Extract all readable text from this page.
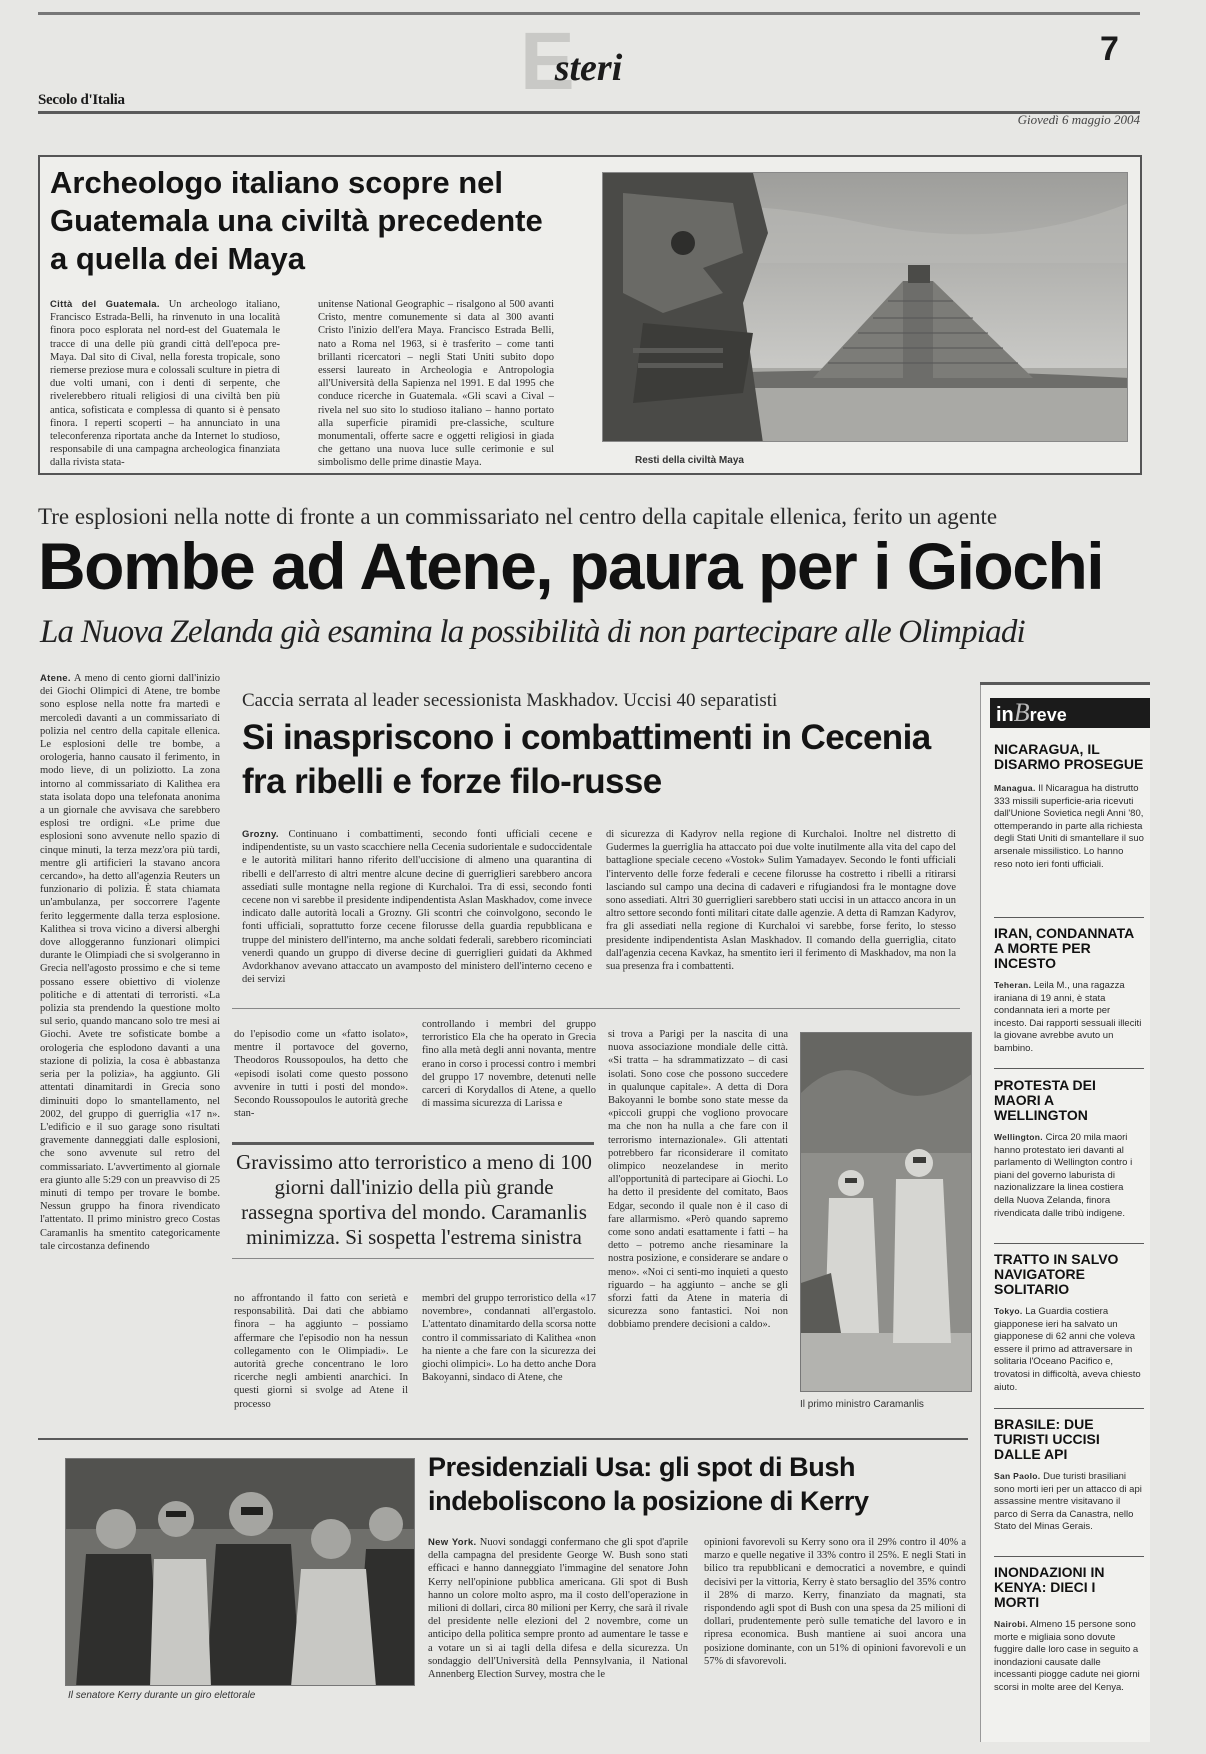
Secolo d'Italia	Esteri	7
Giovedì 6 maggio 2004
Archeologo italiano scopre nel Guatemala una civiltà precedente a quella dei Maya
Città del Guatemala. Un archeologo italiano, Francisco Estrada-Belli, ha rinvenuto in una località finora poco esplorata nel nord-est del Guatemala le tracce di una delle più grandi città dell'epoca pre-Maya. Dal sito di Cival, nella foresta tropicale, sono riemerse preziose mura e colossali sculture in pietra di due volti umani, con i denti di serpente, che rivelerebbero rituali religiosi di una civiltà ben più antica, sofisticata e complessa di quanto si è pensato finora. I reperti scoperti – ha annunciato in una teleconferenza riportata anche da Internet lo studioso, responsabile di una campagna archeologica finanziata dalla rivista stata-
unitense National Geographic – risalgono al 500 avanti Cristo, mentre comunemente si data al 300 avanti Cristo l'inizio dell'era Maya. Francisco Estrada Belli, nato a Roma nel 1963, si è trasferito – come tanti brillanti ricercatori – negli Stati Uniti subito dopo essersi laureato in Archeologia e Antropologia all'Università della Sapienza nel 1991. E dal 1995 che conduce ricerche in Guatemala. «Gli scavi a Cival – rivela nel suo sito lo studioso italiano – hanno portato alla superficie piramidi pre-classiche, sculture monumentali, offerte sacre e oggetti religiosi in giada che gettano una nuova luce sulle cerimonie e sul simbolismo delle prime dinastie Maya.	Resti della civiltà Maya
Tre esplosioni nella notte di fronte a un commissariato nel centro della capitale ellenica, ferito un agente
Bombe ad Atene, paura per i Giochi
La Nuova Zelanda già esamina la possibilità di non partecipare alle Olimpiadi
Atene. A meno di cento giorni dall'inizio dei Giochi Olimpici di Atene, tre bombe sono esplose nella notte fra martedì e mercoledì davanti a un commissariato di polizia nel centro della capitale ellenica. Le esplosioni delle tre bombe, a orologeria, hanno causato il ferimento, in modo lieve, di un poliziotto. La zona intorno al commissariato di Kalithea era stata isolata dopo una telefonata anonima a un giornale che avvisava che sarebbero esplosi tre ordigni. «Le prime due esplosioni sono avvenute nello spazio di cinque minuti, la terza mezz'ora più tardi, mentre gli artificieri la stavano ancora cercando», ha detto all'agenzia Reuters un funzionario di polizia. È stata chiamata un'ambulanza, per soccorrere l'agente ferito leggermente dalla terza esplosione. Kalithea si trova vicino a diversi alberghi dove alloggeranno funzionari olimpici durante le Olimpiadi che si svolgeranno in Grecia nell'agosto prossimo e che si teme possano essere obiettivo di violenze politiche e di attentati di terroristi. «La polizia sta prendendo la questione molto sul serio, quando mancano solo tre mesi ai Giochi. Avete tre sofisticate bombe a orologeria che esplodono davanti a una stazione di polizia, la cosa è abbastanza seria per la polizia», ha aggiunto. Gli attentati dinamitardi in Grecia sono diminuiti dopo lo smantellamento, nel 2002, del gruppo di guerriglia «17 n». L'edificio e il suo garage sono risultati gravemente danneggiati dalle esplosioni, che sono avvenute sul retro del commissariato. L'avvertimento al giornale era giunto alle 5:29 con un preavviso di 25 minuti di tempo per trovare le bombe. Nessun gruppo ha finora rivendicato l'attentato. Il primo ministro greco Costas Caramanlis ha smentito categoricamente tale circostanza definendo
Caccia serrata al leader secessionista Maskhadov. Uccisi 40 separatisti
Si inaspriscono i combattimenti in Cecenia fra ribelli e forze filo-russe
Grozny. Continuano i combattimenti, secondo fonti ufficiali cecene e indipendentiste, su un vasto scacchiere nella Cecenia sudorientale e sudoccidentale e le autorità militari hanno riferito dell'uccisione di almeno una quarantina di ribelli e dell'arresto di altri mentre alcune decine di guerriglieri sarebbero ancora assediati sulle montagne nella regione di Kurchaloi. Tra di essi, secondo fonti cecene non vi sarebbe il presidente indipendentista Aslan Maskhadov, come invece indicato dalle autorità locali a Grozny. Gli scontri che coinvolgono, secondo le fonti ufficiali, soprattutto forze cecene filorusse della guardia repubblicana e truppe del ministero dell'interno, ma anche soldati federali, sarebbero ricominciati venerdì quando un gruppo di diverse decine di guerriglieri guidati da Akhmed Avdorkhanov avevano attaccato un avamposto del ministero dell'interno ceceno e dei servizi
di sicurezza di Kadyrov nella regione di Kurchaloi. Inoltre nel distretto di Gudermes la guerriglia ha attaccato poi due volte inutilmente alla vita del capo del battaglione speciale ceceno «Vostok» Sulim Yamadayev. Secondo le fonti ufficiali l'intervento delle forze federali e cecene filorusse ha costretto i ribelli a ritirarsi lasciando sul campo una decina di cadaveri e rifugiandosi fra le montagne dove sono assediati. Altri 30 guerriglieri sarebbero stati uccisi in un attacco ancora in un altro settore secondo fonti militari citate dalle agenzie. A detta di Ramzan Kadyrov, fra gli assediati nella regione di Kurchaloi vi sarebbe, forse ferito, lo stesso presidente indipendentista Aslan Maskhadov. Il comando della guerriglia, citato dall'agenzia cecena Kavkaz, ha smentito ieri il ferimento di Maskhadov, ma non la sua presenza fra i combattenti.
do l'episodio come un «fatto isolato», mentre il portavoce del governo, Theodoros Roussopoulos, ha detto che «episodi isolati come questo possono avvenire in tutti i posti del mondo». Secondo Roussopoulos le autorità greche stan-
controllando i membri del gruppo terroristico Ela che ha operato in Grecia fino alla metà degli anni novanta, mentre erano in corso i processi contro i membri del gruppo 17 novembre, detenuti nelle carceri di Korydallos di Atene, a quello di massima sicurezza di Larissa e
si trova a Parigi per la nascita di una nuova associazione mondiale delle città. «Si tratta – ha sdrammatizzato – di casi isolati. Sono cose che possono succedere in qualunque capitale». A detta di Dora Bakoyanni le bombe sono state messe da «piccoli gruppi che vogliono provocare ma che non ha nulla a che fare con il terrorismo internazionale». Gli attentati potrebbero far riconsiderare il comitato olimpico neozelandese in merito all'opportunità di partecipare ai Giochi. Lo ha detto il presidente del comitato, Baos Edgar, secondo il quale non è il caso di fare allarmismo. «Però quando sapremo come sono andati esattamente i fatti – ha detto – potremo anche riesaminare la nostra posizione, e considerare se andare o meno». «Noi ci senti-mo inquieti a questo riguardo – ha aggiunto – anche se gli sforzi fatti da Atene in materia di sicurezza sono fantastici. Noi non dobbiamo prendere decisioni a caldo».
Gravissimo atto terroristico a meno di 100 giorni dall'inizio della più grande rassegna sportiva del mondo. Caramanlis minimizza. Si sospetta l'estrema sinistra
no affrontando il fatto con serietà e responsabilità. Dai dati che abbiamo finora – ha aggiunto – possiamo affermare che l'episodio non ha nessun collegamento con le Olimpiadi». Le autorità greche concentrano le loro ricerche negli ambienti anarchici. In questi giorni si svolge ad Atene il processo
membri del gruppo terroristico della «17 novembre», condannati all'ergastolo. L'attentato dinamitardo della scorsa notte contro il commissariato di Kalithea «non ha niente a che fare con la sicurezza dei giochi olimpici». Lo ha detto anche Dora Bakoyanni, sindaco di Atene, che
Il primo ministro Caramanlis
inBreve
NICARAGUA, IL DISARMO PROSEGUE
Managua. Il Nicaragua ha distrutto 333 missili superficie-aria ricevuti dall'Unione Sovietica negli Anni '80, ottemperando in parte alla richiesta degli Stati Uniti di smantellare il suo arsenale missilistico. Lo hanno reso noto ieri fonti ufficiali.
IRAN, CONDANNATA A MORTE PER INCESTO
Teheran. Leila M., una ragazza iraniana di 19 anni, è stata condannata ieri a morte per incesto. Dai rapporti sessuali illeciti la giovane avrebbe avuto un bambino.
PROTESTA DEI MAORI A WELLINGTON
Wellington. Circa 20 mila maori hanno protestato ieri davanti al parlamento di Wellington contro i piani del governo laburista di nazionalizzare la linea costiera della Nuova Zelanda, finora rivendicata dalle tribù indigene.
TRATTO IN SALVO NAVIGATORE SOLITARIO
Tokyo. La Guardia costiera giapponese ieri ha salvato un giapponese di 62 anni che voleva essere il primo ad attraversare in solitaria l'Oceano Pacifico e, trovatosi in difficoltà, aveva chiesto aiuto.
BRASILE: DUE TURISTI UCCISI DALLE API
San Paolo. Due turisti brasiliani sono morti ieri per un attacco di api assassine mentre visitavano il parco di Serra da Canastra, nello Stato del Minas Gerais.
INONDAZIONI IN KENYA: DIECI I MORTI
Nairobi. Almeno 15 persone sono morte e migliaia sono dovute fuggire dalle loro case in seguito a inondazioni causate dalle incessanti piogge cadute nei giorni scorsi in molte aree del Kenya.
Il senatore Kerry durante un giro elettorale
Presidenziali Usa: gli spot di Bush indeboliscono la posizione di Kerry
New York. Nuovi sondaggi confermano che gli spot d'aprile della campagna del presidente George W. Bush sono stati efficaci e hanno danneggiato l'immagine del senatore John Kerry nell'opinione pubblica americana. Gli spot di Bush hanno un colore molto aspro, ma il costo dell'operazione in milioni di dollari, circa 80 milioni per Kerry, che sarà il rivale del presidente nelle elezioni del 2 novembre, come un anticipo della politica sempre pronto ad aumentare le tasse e a votare un sì ai tagli della difesa e della sicurezza. Un sondaggio dell'Università della Pennsylvania, il National Annenberg Election Survey, mostra che le
opinioni favorevoli su Kerry sono ora il 29% contro il 40% a marzo e quelle negative il 33% contro il 25%. E negli Stati in bilico tra repubblicani e democratici a novembre, e quindi decisivi per la vittoria, Kerry è stato bersaglio del 35% contro il 28% di marzo. Kerry, finanziato da magnati, sta rispondendo agli spot di Bush con una spesa da 25 milioni di dollari, prudentemente però sulle tematiche del lavoro e in ripresa economica. Bush mantiene ai suoi ancora una posizione dominante, con un 51% di opinioni favorevoli e un 57% di sfavorevoli.
